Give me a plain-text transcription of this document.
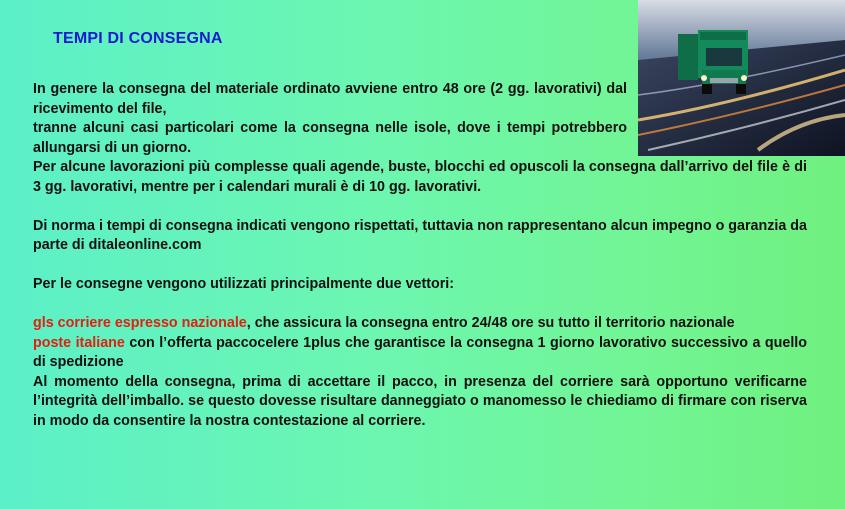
TEMPI DI CONSEGNA

In genere la consegna del materiale ordinato avviene entro 48 ore (2 gg. lavorativi) dal ricevimento del file,

tranne alcuni casi particolari come la consegna nelle isole, dove i tempi potrebbero allungarsi di un giorno.

Per alcune lavorazioni più complesse quali agende, buste, blocchi ed opuscoli la consegna dall’arrivo del file è di 3 gg. lavorativi, mentre per i calendari murali è di 10 gg. lavorativi.

Di norma i tempi di consegna indicati vengono rispettati, tuttavia non rappresentano alcun impegno o garanzia da parte di ditaleonline.com

Per le consegne vengono utilizzati principalmente due vettori:

gls corriere espresso nazionale, che assicura la consegna entro 24/48 ore su tutto il territorio nazionale

poste italiane con l’offerta paccocelere 1plus che garantisce la consegna 1 giorno lavorativo successivo a quello di spedizione

Al momento della consegna, prima di accettare il pacco, in presenza del corriere sarà opportuno verificarne l’integrità dell’imballo. se questo dovesse risultare danneggiato o manomesso le chiediamo di firmare con riserva in modo da consentire la nostra contestazione al corriere.
